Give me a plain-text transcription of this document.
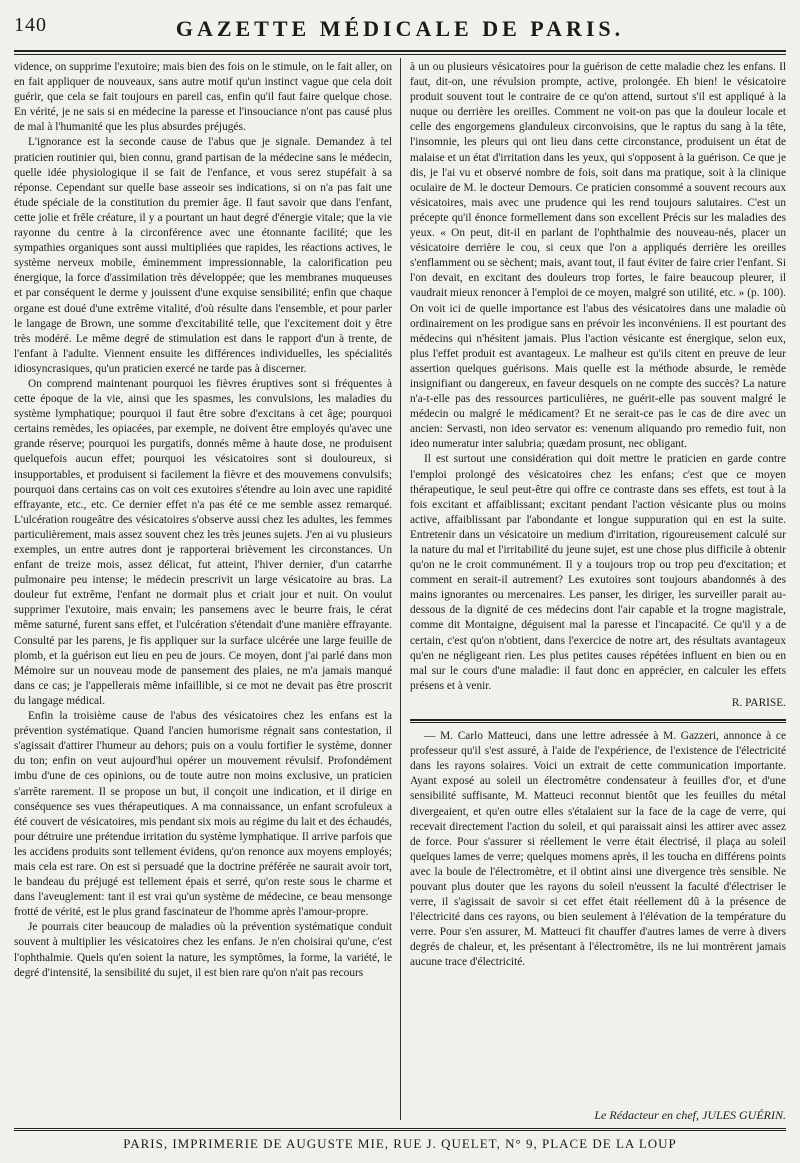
140	GAZETTE MÉDICALE DE PARIS.

vidence, on supprime l'exutoire; mais bien des fois on le stimule, on le fait aller, on en fait appliquer de nouveaux, sans autre motif qu'un instinct vague que cela doit guérir, que cela se fait toujours en pareil cas, enfin qu'il faut faire quelque chose. En vérité, je ne sais si en médecine la paresse et l'insouciance n'ont pas causé plus de mal à l'humanité que les plus absurdes préjugés.

L'ignorance est la seconde cause de l'abus que je signale. Demandez à tel praticien routinier qui, bien connu, grand partisan de la médecine sans le médecin, quelle idée physiologique il se fait de l'enfance, et vous serez stupéfait à sa réponse. Cependant sur quelle base asseoir ses indications, si on n'a pas fait une étude spéciale de la constitution du premier âge. Il faut savoir que dans l'enfant, cette jolie et frêle créature, il y a pourtant un haut degré d'énergie vitale; que la vie rayonne du centre à la circonférence avec une étonnante facilité; que les sympathies organiques sont aussi multipliées que rapides, les réactions actives, le système nerveux mobile, éminemment impressionnable, la calorification peu énergique, la force d'assimilation très développée; que les membranes muqueuses et par conséquent le derme y jouissent d'une exquise sensibilité; enfin que chaque organe est doué d'une extrême vitalité, d'où résulte dans l'ensemble, et pour parler le langage de Brown, une somme d'excitabilité telle, que l'excitement doit y être très modéré. Le même degré de stimulation est dans le rapport d'un à trente, de l'enfant à l'adulte. Viennent ensuite les différences individuelles, les spécialités idiosyncrasiques, qu'un praticien exercé ne tarde pas à discerner.

On comprend maintenant pourquoi les fièvres éruptives sont si fréquentes à cette époque de la vie, ainsi que les spasmes, les convulsions, les maladies du système lymphatique; pourquoi il faut être sobre d'excitans à cet âge; pourquoi certains remèdes, les opiacées, par exemple, ne doivent être employés qu'avec une grande réserve; pourquoi les purgatifs, donnés même à haute dose, ne produisent quelquefois aucun effet; pourquoi les vésicatoires sont si douloureux, si insupportables, et produisent si facilement la fièvre et des mouvemens convulsifs; pourquoi dans certains cas on voit ces exutoires s'étendre au loin avec une rapidité effrayante, etc., etc. Ce dernier effet n'a pas été ce me semble assez remarqué. L'ulcération rougeâtre des vésicatoires s'observe aussi chez les adultes, les femmes particulièrement, mais assez souvent chez les très jeunes sujets. J'en ai vu plusieurs exemples, un entre autres dont je rapporterai brièvement les circonstances. Un enfant de treize mois, assez délicat, fut atteint, l'hiver dernier, d'un catarrhe pulmonaire peu intense; le médecin prescrivit un large vésicatoire au bras. La douleur fut extrême, l'enfant ne dormait plus et criait jour et nuit. On voulut supprimer l'exutoire, mais envain; les pansemens avec le beurre frais, le cérat même saturné, furent sans effet, et l'ulcération s'étendait d'une manière effrayante. Consulté par les parens, je fis appliquer sur la surface ulcérée une large feuille de plomb, et la guérison eut lieu en peu de jours. Ce moyen, dont j'ai parlé dans mon Mémoire sur un nouveau mode de pansement des plaies, ne m'a jamais manqué dans ce cas; je l'appellerais même infaillible, si ce mot ne devait pas être proscrit du langage médical.

Enfin la troisième cause de l'abus des vésicatoires chez les enfans est la prévention systématique. Quand l'ancien humorisme régnait sans contestation, il s'agissait d'attirer l'humeur au dehors; puis on a voulu fortifier le système, donner du ton; enfin on veut aujourd'hui opérer un mouvement révulsif. Profondément imbu d'une de ces opinions, ou de toute autre non moins exclusive, un praticien s'arrête rarement. Il se propose un but, il conçoit une indication, et il dirige en conséquence ses vues thérapeutiques. A ma connaissance, un enfant scrofuleux a été couvert de vésicatoires, mis pendant six mois au régime du lait et des échaudés, pour détruire une prétendue irritation du système lymphatique. Il arrive parfois que les accidens produits sont tellement évidens, qu'on renonce aux moyens employés; mais cela est rare. On est si persuadé que la doctrine préférée ne saurait avoir tort, le bandeau du préjugé est tellement épais et serré, qu'on reste sous le charme et dans l'aveuglement: tant il est vrai qu'un système de médecine, ce beau mensonge frotté de vérité, est le plus grand fascinateur de l'homme après l'amour-propre.

Je pourrais citer beaucoup de maladies où la prévention systématique conduit souvent à multiplier les vésicatoires chez les enfans. Je n'en choisirai qu'une, c'est l'ophthalmie. Quels qu'en soient la nature, les symptômes, la forme, la variété, le degré d'intensité, la sensibilité du sujet, il est bien rare qu'on n'ait pas recours

à un ou plusieurs vésicatoires pour la guérison de cette maladie chez les enfans. Il faut, dit-on, une révulsion prompte, active, prolongée. Eh bien! le vésicatoire produit souvent tout le contraire de ce qu'on attend, surtout s'il est appliqué à la nuque ou derrière les oreilles. Comment ne voit-on pas que la douleur locale et celle des engorgemens glanduleux circonvoisins, que le raptus du sang à la tête, l'insomnie, les pleurs qui ont lieu dans cette circonstance, produisent un état de malaise et un état d'irritation dans les yeux, qui s'opposent à la guérison. Ce que je dis, je l'ai vu et observé nombre de fois, soit dans ma pratique, soit à la clinique oculaire de M. le docteur Demours. Ce praticien consommé a souvent recours aux vésicatoires, mais avec une prudence qui les rend toujours salutaires. C'est un précepte qu'il énonce formellement dans son excellent Précis sur les maladies des yeux. « On peut, dit-il en parlant de l'ophthalmie des nouveau-nés, placer un vésicatoire derrière le cou, si ceux que l'on a appliqués derrière les oreilles s'enflamment ou se sèchent; mais, avant tout, il faut éviter de faire crier l'enfant. Si l'on devait, en excitant des douleurs trop fortes, le faire beaucoup pleurer, il vaudrait mieux renoncer à l'emploi de ce moyen, malgré son utilité, etc. » (p. 100). On voit ici de quelle importance est l'abus des vésicatoires dans une maladie où ordinairement on les prodigue sans en prévoir les inconvéniens. Il est pourtant des médecins qui n'hésitent jamais. Plus l'action vésicante est énergique, selon eux, plus l'effet produit est avantageux. Le malheur est qu'ils citent en preuve de leur assertion quelques guérisons. Mais quelle est la méthode absurde, le remède insignifiant ou dangereux, en faveur desquels on ne compte des succès? La nature n'a-t-elle pas des ressources particulières, ne guérit-elle pas souvent malgré le médecin ou malgré le médicament? Et ne serait-ce pas le cas de dire avec un ancien: Servasti, non ideo servator es: venenum aliquando pro remedio fuit, non ideo numeratur inter salubria; quædam prosunt, nec obligant.

Il est surtout une considération qui doit mettre le praticien en garde contre l'emploi prolongé des vésicatoires chez les enfans; c'est que ce moyen thérapeutique, le seul peut-être qui offre ce contraste dans ses effets, est tout à la fois excitant et affaiblissant; excitant pendant l'action vésicante plus ou moins active, affaiblissant par l'abondante et longue suppuration qui en est la suite. Entretenir dans un vésicatoire un medium d'irritation, rigoureusement calculé sur la nature du mal et l'irritabilité du jeune sujet, est une chose plus difficile à obtenir qu'on ne le croit communément. Il y a toujours trop ou trop peu d'excitation; et comment en serait-il autrement? Les exutoires sont toujours abandonnés à des mains ignorantes ou mercenaires. Les panser, les diriger, les surveiller parait au-dessous de la dignité de ces médecins dont l'air capable et la trogne magistrale, comme dit Montaigne, déguisent mal la paresse et l'incapacité. Ce qu'il y a de certain, c'est qu'on n'obtient, dans l'exercice de notre art, des résultats avantageux qu'en ne négligeant rien. Les plus petites causes répétées influent en bien ou en mal sur le cours d'une maladie: il faut donc en apprécier, en calculer les effets présens et à venir.

R. PARISE.

— M. Carlo Matteuci, dans une lettre adressée à M. Gazzeri, annonce à ce professeur qu'il s'est assuré, à l'aide de l'expérience, de l'existence de l'électricité dans les rayons solaires. Voici un extrait de cette communication importante. Ayant exposé au soleil un électromètre condensateur à feuilles d'or, et d'une sensibilité suffisante, M. Matteuci reconnut bientôt que les feuilles du métal divergeaient, et qu'en outre elles s'étalaient sur la face de la cage de verre, qui recevait directement l'action du soleil, et qui paraissait ainsi les attirer avec assez de force. Pour s'assurer si réellement le verre était électrisé, il plaça au soleil quelques lames de verre; quelques momens après, il les toucha en différens points avec la boule de l'électromètre, et il obtint ainsi une divergence très sensible. Ne pouvant plus douter que les rayons du soleil n'eussent la faculté d'électriser le verre, il s'agissait de savoir si cet effet était réellement dû à la présence de l'électricité dans ces rayons, ou bien seulement à l'élévation de la température du verre. Pour s'en assurer, M. Matteuci fit chauffer d'autres lames de verre à divers degrés de chaleur, et, les présentant à l'électromètre, ils ne lui montrèrent jamais aucune trace d'électricité.

Le Rédacteur en chef, JULES GUÉRIN.
PARIS, IMPRIMERIE DE AUGUSTE MIE, RUE J. QUELET, N° 9, PLACE DE LA LOUP
